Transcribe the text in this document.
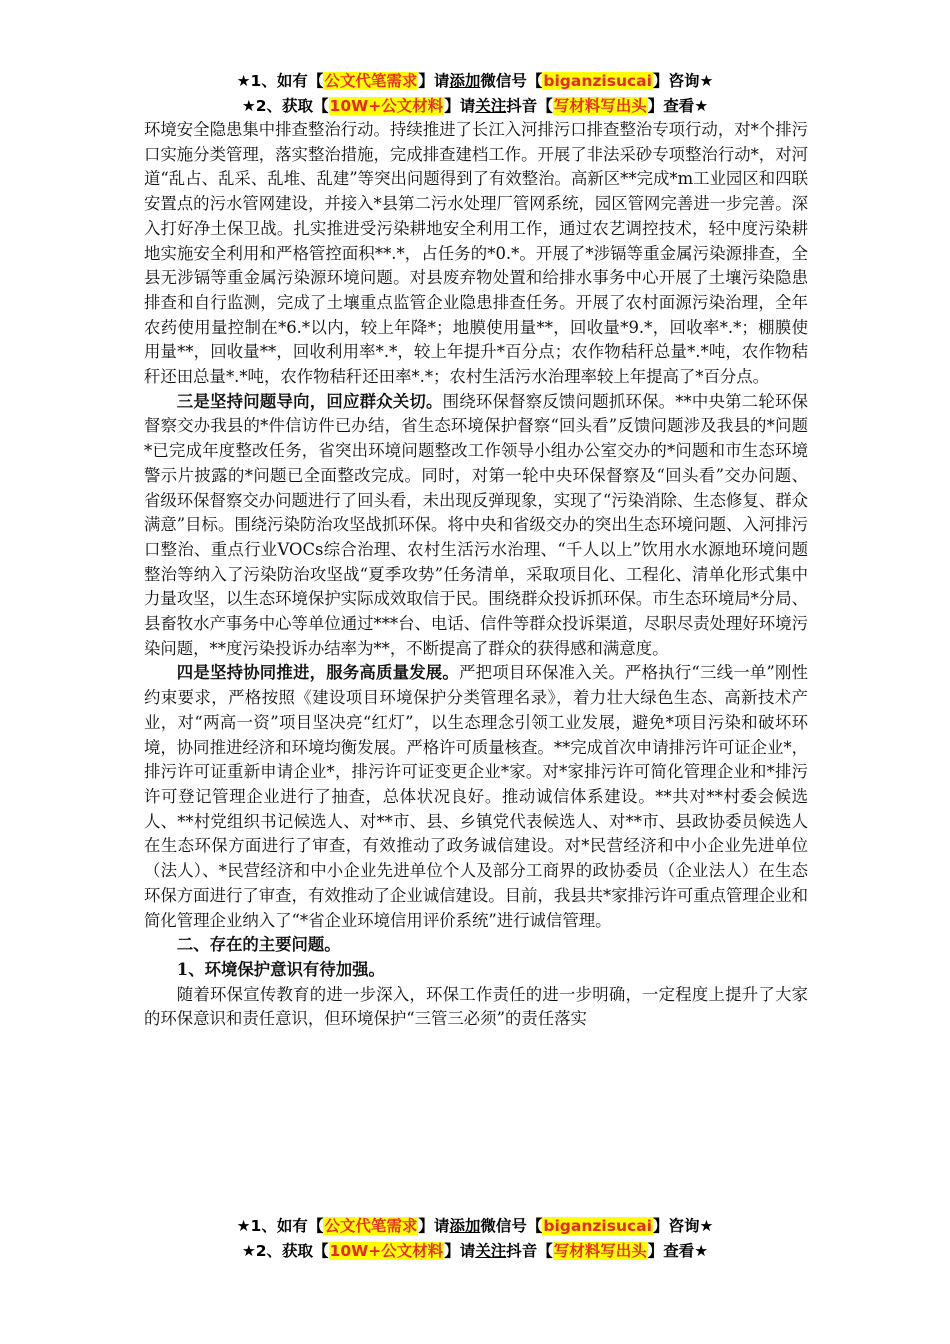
★1、如有【公文代笔需求】请添加微信号【biganzisucai】咨询★
★2、获取【10W+公文材料】请关注抖音【写材料写出头】查看★

环境安全隐患集中排查整治行动。持续推进了长江入河排污口排查整治专项行动，对*个排污口实施分类管理，落实整治措施，完成排查建档工作。开展了非法采砂专项整治行动*，对河道“乱占、乱采、乱堆、乱建”等突出问题得到了有效整治。高新区**完成*m工业园区和四联安置点的污水管网建设，并接入*县第二污水处理厂管网系统，园区管网完善进一步完善。深入打好净土保卫战。扎实推进受污染耕地安全利用工作，通过农艺调控技术，轻中度污染耕地实施安全利用和严格管控面积**.*，占任务的*0.*。开展了*涉镉等重金属污染源排查，全县无涉镉等重金属污染源环境问题。对县废弃物处置和给排水事务中心开展了土壤污染隐患排查和自行监测，完成了土壤重点监管企业隐患排查任务。开展了农村面源污染治理，全年农药使用量控制在*6.*以内，较上年降*；地膜使用量**，回收量*9.*，回收率*.*；棚膜使用量**，回收量**，回收利用率*.*，较上年提升*百分点；农作物秸秆总量*.*吨，农作物秸秆还田总量*.*吨，农作物秸秆还田率*.*；农村生活污水治理率较上年提高了*百分点。

三是坚持问题导向，回应群众关切。围绕环保督察反馈问题抓环保。**中央第二轮环保督察交办我县的*件信访件已办结，省生态环境保护督察“回头看”反馈问题涉及我县的*问题*已完成年度整改任务，省突出环境问题整改工作领导小组办公室交办的*问题和市生态环境警示片披露的*问题已全面整改完成。同时，对第一轮中央环保督察及“回头看”交办问题、省级环保督察交办问题进行了回头看，未出现反弹现象，实现了“污染消除、生态修复、群众满意”目标。围绕污染防治攻坚战抓环保。将中央和省级交办的突出生态环境问题、入河排污口整治、重点行业VOCs综合治理、农村生活污水治理、“千人以上”饮用水水源地环境问题整治等纳入了污染防治攻坚战“夏季攻势”任务清单，采取项目化、工程化、清单化形式集中力量攻坚，以生态环境保护实际成效取信于民。围绕群众投诉抓环保。市生态环境局*分局、县畜牧水产事务中心等单位通过***台、电话、信件等群众投诉渠道，尽职尽责处理好环境污染问题，**度污染投诉办结率为**，不断提高了群众的获得感和满意度。

四是坚持协同推进，服务高质量发展。严把项目环保准入关。严格执行“三线一单”刚性约束要求，严格按照《建设项目环境保护分类管理名录》，着力壮大绿色生态、高新技术产业，对“两高一资”项目坚决亮“红灯”，以生态理念引领工业发展，避免*项目污染和破坏环境，协同推进经济和环境均衡发展。严格许可质量核查。**完成首次申请排污许可证企业*，排污许可证重新申请企业*，排污许可证变更企业*家。对*家排污许可简化管理企业和*排污许可登记管理企业进行了抽查，总体状况良好。推动诚信体系建设。**共对**村委会候选人、**村党组织书记候选人、对**市、县、乡镇党代表候选人、对**市、县政协委员候选人在生态环保方面进行了审查，有效推动了政务诚信建设。对*民营经济和中小企业先进单位（法人）、*民营经济和中小企业先进单位个人及部分工商界的政协委员（企业法人）在生态环保方面进行了审查，有效推动了企业诚信建设。目前，我县共*家排污许可重点管理企业和简化管理企业纳入了“*省企业环境信用评价系统”进行诚信管理。

二、存在的主要问题。

1、环境保护意识有待加强。

随着环保宣传教育的进一步深入，环保工作责任的进一步明确，一定程度上提升了大家的环保意识和责任意识，但环境保护“三管三必须”的责任落实

★1、如有【公文代笔需求】请添加微信号【biganzisucai】咨询★
★2、获取【10W+公文材料】请关注抖音【写材料写出头】查看★
